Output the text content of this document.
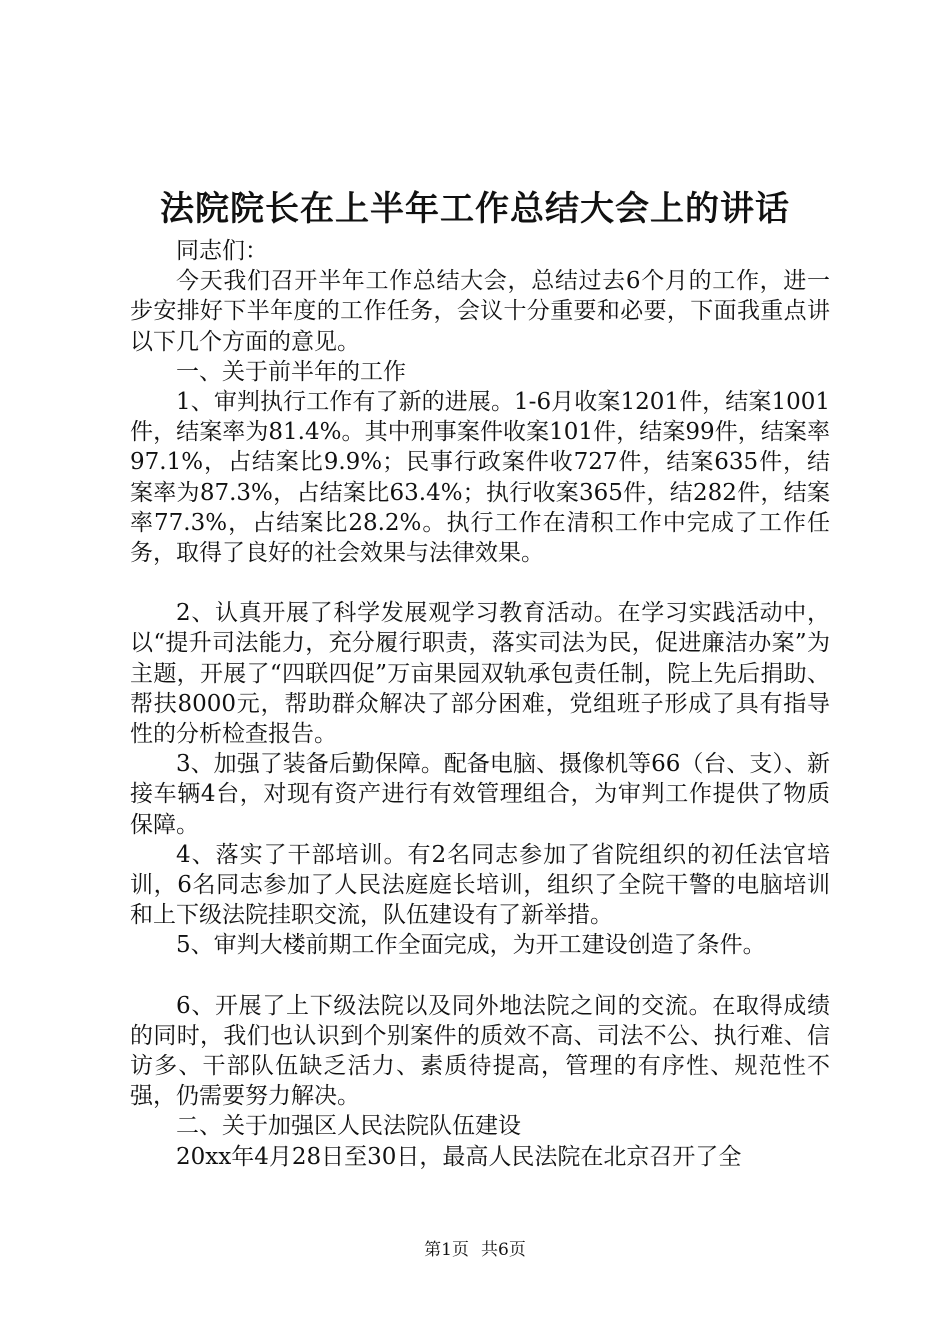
法院院长在上半年工作总结大会上的讲话

同志们：

今天我们召开半年工作总结大会，总结过去6个月的工作，进一步安排好下半年度的工作任务，会议十分重要和必要，下面我重点讲以下几个方面的意见。

一、关于前半年的工作

1、审判执行工作有了新的进展。1-6月收案1201件，结案1001件，结案率为81.4%。其中刑事案件收案101件，结案99件，结案率97.1%，占结案比9.9%；民事行政案件收727件，结案635件，结案率为87.3%，占结案比63.4%；执行收案365件，结282件，结案率77.3%，占结案比28.2%。执行工作在清积工作中完成了工作任务，取得了良好的社会效果与法律效果。

2、认真开展了科学发展观学习教育活动。在学习实践活动中，以“提升司法能力，充分履行职责，落实司法为民，促进廉洁办案”为主题，开展了“四联四促”万亩果园双轨承包责任制，院上先后捐助、帮扶8000元，帮助群众解决了部分困难，党组班子形成了具有指导性的分析检查报告。

3、加强了装备后勤保障。配备电脑、摄像机等66（台、支）、新接车辆4台，对现有资产进行有效管理组合，为审判工作提供了物质保障。

4、落实了干部培训。有2名同志参加了省院组织的初任法官培训，6名同志参加了人民法庭庭长培训，组织了全院干警的电脑培训和上下级法院挂职交流，队伍建设有了新举措。

5、审判大楼前期工作全面完成，为开工建设创造了条件。

6、开展了上下级法院以及同外地法院之间的交流。在取得成绩的同时，我们也认识到个别案件的质效不高、司法不公、执行难、信访多、干部队伍缺乏活力、素质待提高，管理的有序性、规范性不强，仍需要努力解决。

二、关于加强区人民法院队伍建设

20xx年4月28日至30日，最高人民法院在北京召开了全

第1页 共6页
